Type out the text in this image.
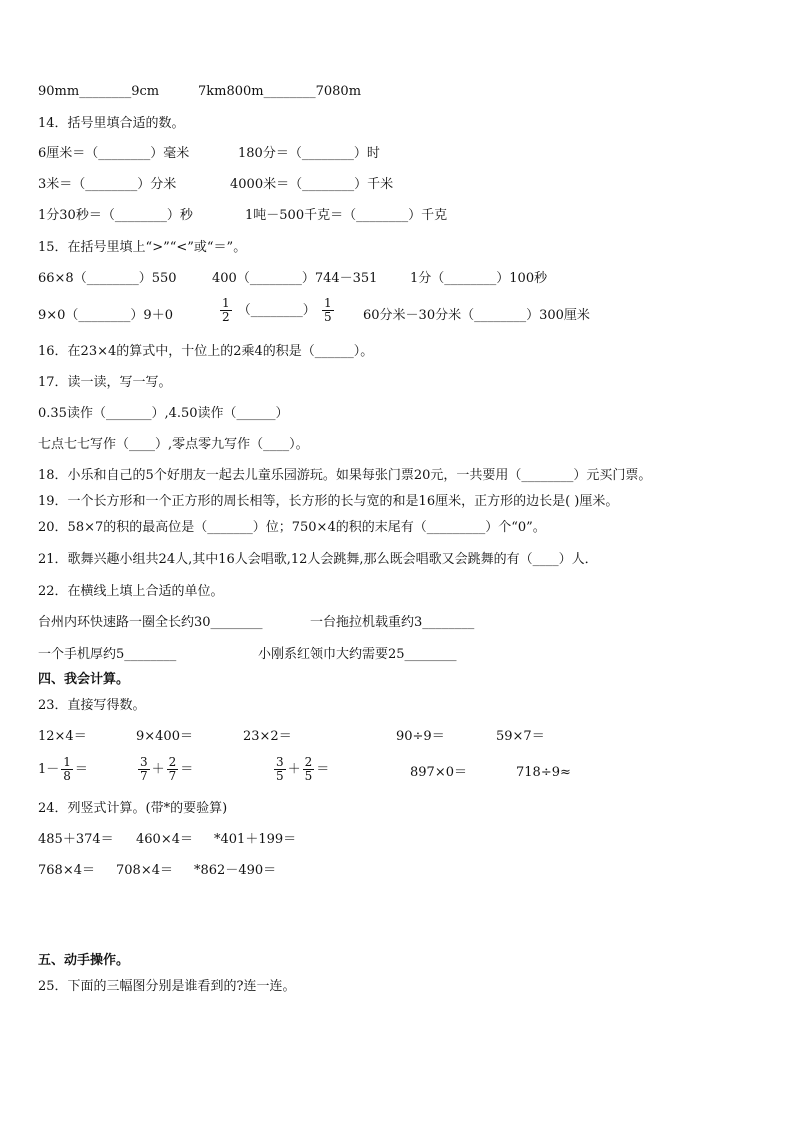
90mm________9cm	7km800m________7080m
14．括号里填合适的数。
6厘米＝（________）毫米	180分＝（________）时
3米＝（________）分米	4000米＝（________）千米
1分30秒＝（________）秒	1吨－500千克＝（________）千克
15．在括号里填上“>”“<”或“＝”。
66×8（________）550	400（________）744－351	1分（________）100秒
9×0（________）9＋0	$\frac{1}{2}$ （________） $\frac{1}{5} 60$分米－30分米（________）300厘米
16．在23×4的算式中，十位上的2乘4的积是（______）。
17．读一读，写一写。
0.35读作（_______）,4.50读作（______）
七点七七写作（____）,零点零九写作（____）。
18．小乐和自己的5个好朋友一起去儿童乐园游玩。如果每张门票20元，一共要用（________）元买门票。
19．一个长方形和一个正方形的周长相等，长方形的长与宽的和是16厘米，正方形的边长是( )厘米。
20．58×7的积的最高位是（_______）位；750×4的积的末尾有（_________）个“0”。
21．歌舞兴趣小组共24人,其中16人会唱歌,12人会跳舞,那么既会唱歌又会跳舞的有（____）人．
22．在横线上填上合适的单位。
台州内环快速路一圈全长约30________	一台拖拉机载重约3________
一个手机厚约5________	小刚系红领巾大约需要25________
四、我会计算。
23．直接写得数。
12×4＝	9×400＝	23×2＝	90÷9＝	59×7＝
$1- \frac{1}{8}$ ＝	$\frac{3}{7} + \frac{2}{7}$ ＝	$\frac{3}{5} + \frac{2}{5}$ ＝	897×0＝	718÷9≈
24．列竖式计算。(带*的要验算)
485＋374＝ 460×4＝ *401＋199＝
768×4＝ 708×4＝ *862－490＝
五、动手操作。
25．下面的三幅图分别是谁看到的?连一连。
